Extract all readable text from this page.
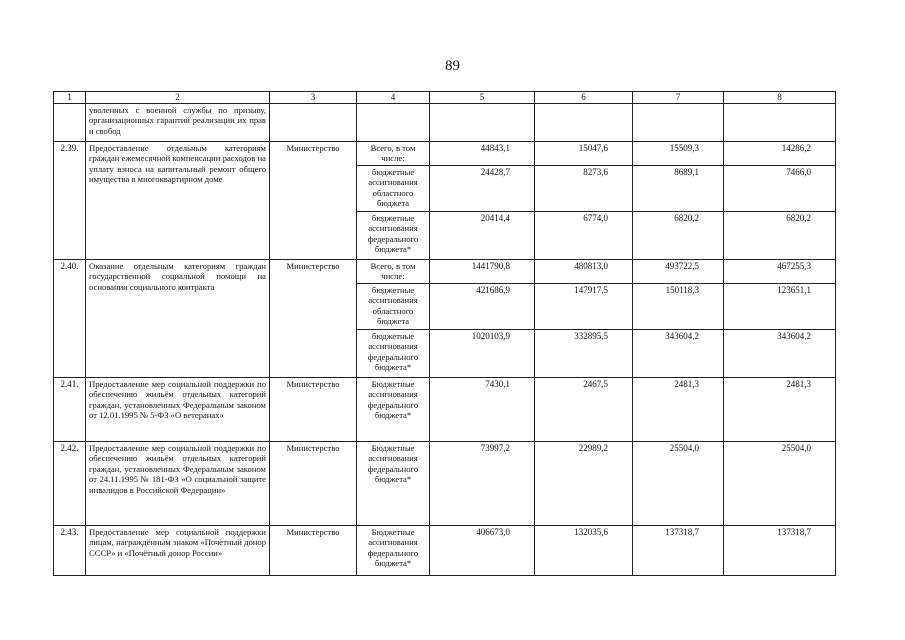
89
1	2	3	4	5	6	7	8
	уволенных с военной службы по призыву, организационных гарантий реализации их прав и свобод						
2.39.	Предоставление отдельным категориям граждан ежемесячной компенсации расходов на уплату взноса на капитальный ремонт общего имущества в многоквартирном доме	Министерство	Всего, в том числе:	44843,1	15047,6	15509,3	14286,2
			бюджетные ассигнования областного бюджета	24428,7	8273,6	8689,1	7466,0
			бюджетные ассигнования федерального бюджета*	20414,4	6774,0	6820,2	6820,2
2.40.	Оказание отдельным категориям граждан государственной социальной помощи на основании социального контракта	Министерство	Всего, в том числе:	1441790,8	480813,0	493722,5	467255,3
			бюджетные ассигнования областного бюджета	421686,9	147917,5	150118,3	123651,1
			бюджетные ассигнования федерального бюджета*	1020103,9	332895,5	343604,2	343604,2
2.41.	Предоставление мер социальной поддержки по обеспечению жильём отдельных категорий граждан, установленных Федеральным законом от 12.01.1995 № 5-ФЗ «О ветеранах»	Министерство	Бюджетные ассигнования федерального бюджета*	7430,1	2467,5	2481,3	2481,3
2.42.	Предоставление мер социальной поддержки по обеспечению жильём отдельных категорий граждан, установленных Федеральным законом от 24.11.1995 № 181-ФЗ «О социальной защите инвалидов в Российской Федерации»	Министерство	Бюджетные ассигнования федерального бюджета*	73997,2	22989,2	25504,0	25504,0
2.43.	Предоставление мер социальной поддержки лицам, награждённым знаком «Почётный донор СССР» и «Почётный донор России»	Министерство	Бюджетные ассигнования федерального бюджета*	406673,0	132035,6	137318,7	137318,7
